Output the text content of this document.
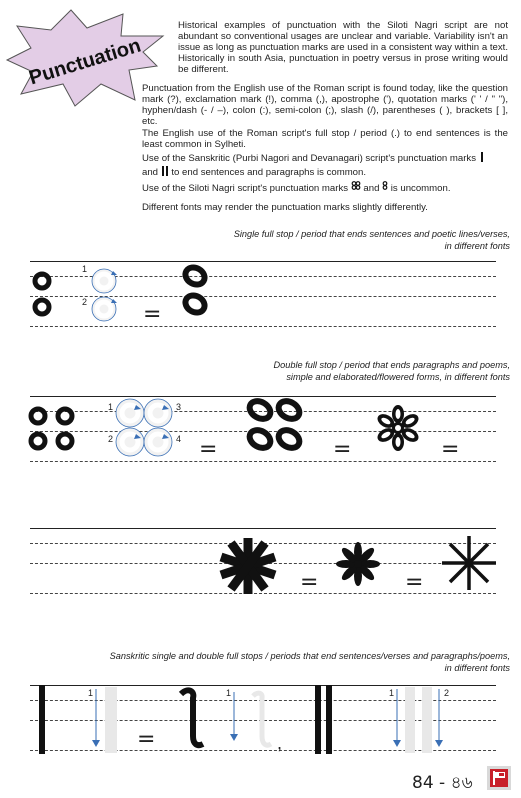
Punctuation
Historical examples of punctuation with the Siloti Nagri script are not abundant so conventional usages are unclear and variable. Variability isn't an issue as long as punctuation marks are used in a consistent way within a text. Historically in south Asia, punctuation in poetry versus in prose writing would be different.
Punctuation from the English use of the Roman script is found today, like the question mark (?), exclamation mark (!), comma (,), apostrophe ('), quotation marks (' ' / " "), hyphen/dash (- / –), colon (:), semi-colon (;), slash (/), parentheses ( ), brackets [ ], etc.
The English use of the Roman script's full stop / period (.) to end sentences is the least common in Sylheti.
Use of the Sanskritic (Purbi Nagori and Devanagari) script's punctuation marks
and to end sentences and paragraphs is common.
Use of the Siloti Nagri script's punctuation marks and is uncommon.
Different fonts may render the punctuation marks slightly differently.
Single full stop / period that ends sentences and poetic lines/verses,
in different fonts
1
2	=
Double full stop / period that ends paragraphs and poems,
simple and elaborated/flowered forms, in different fonts
1	3
2	4 =	=	=
=	=
Sanskritic single and double full stops / periods that end sentences/verses and paragraphs/poems,
in different fonts
1	1	1	2
=	,
84 - ৪৬
